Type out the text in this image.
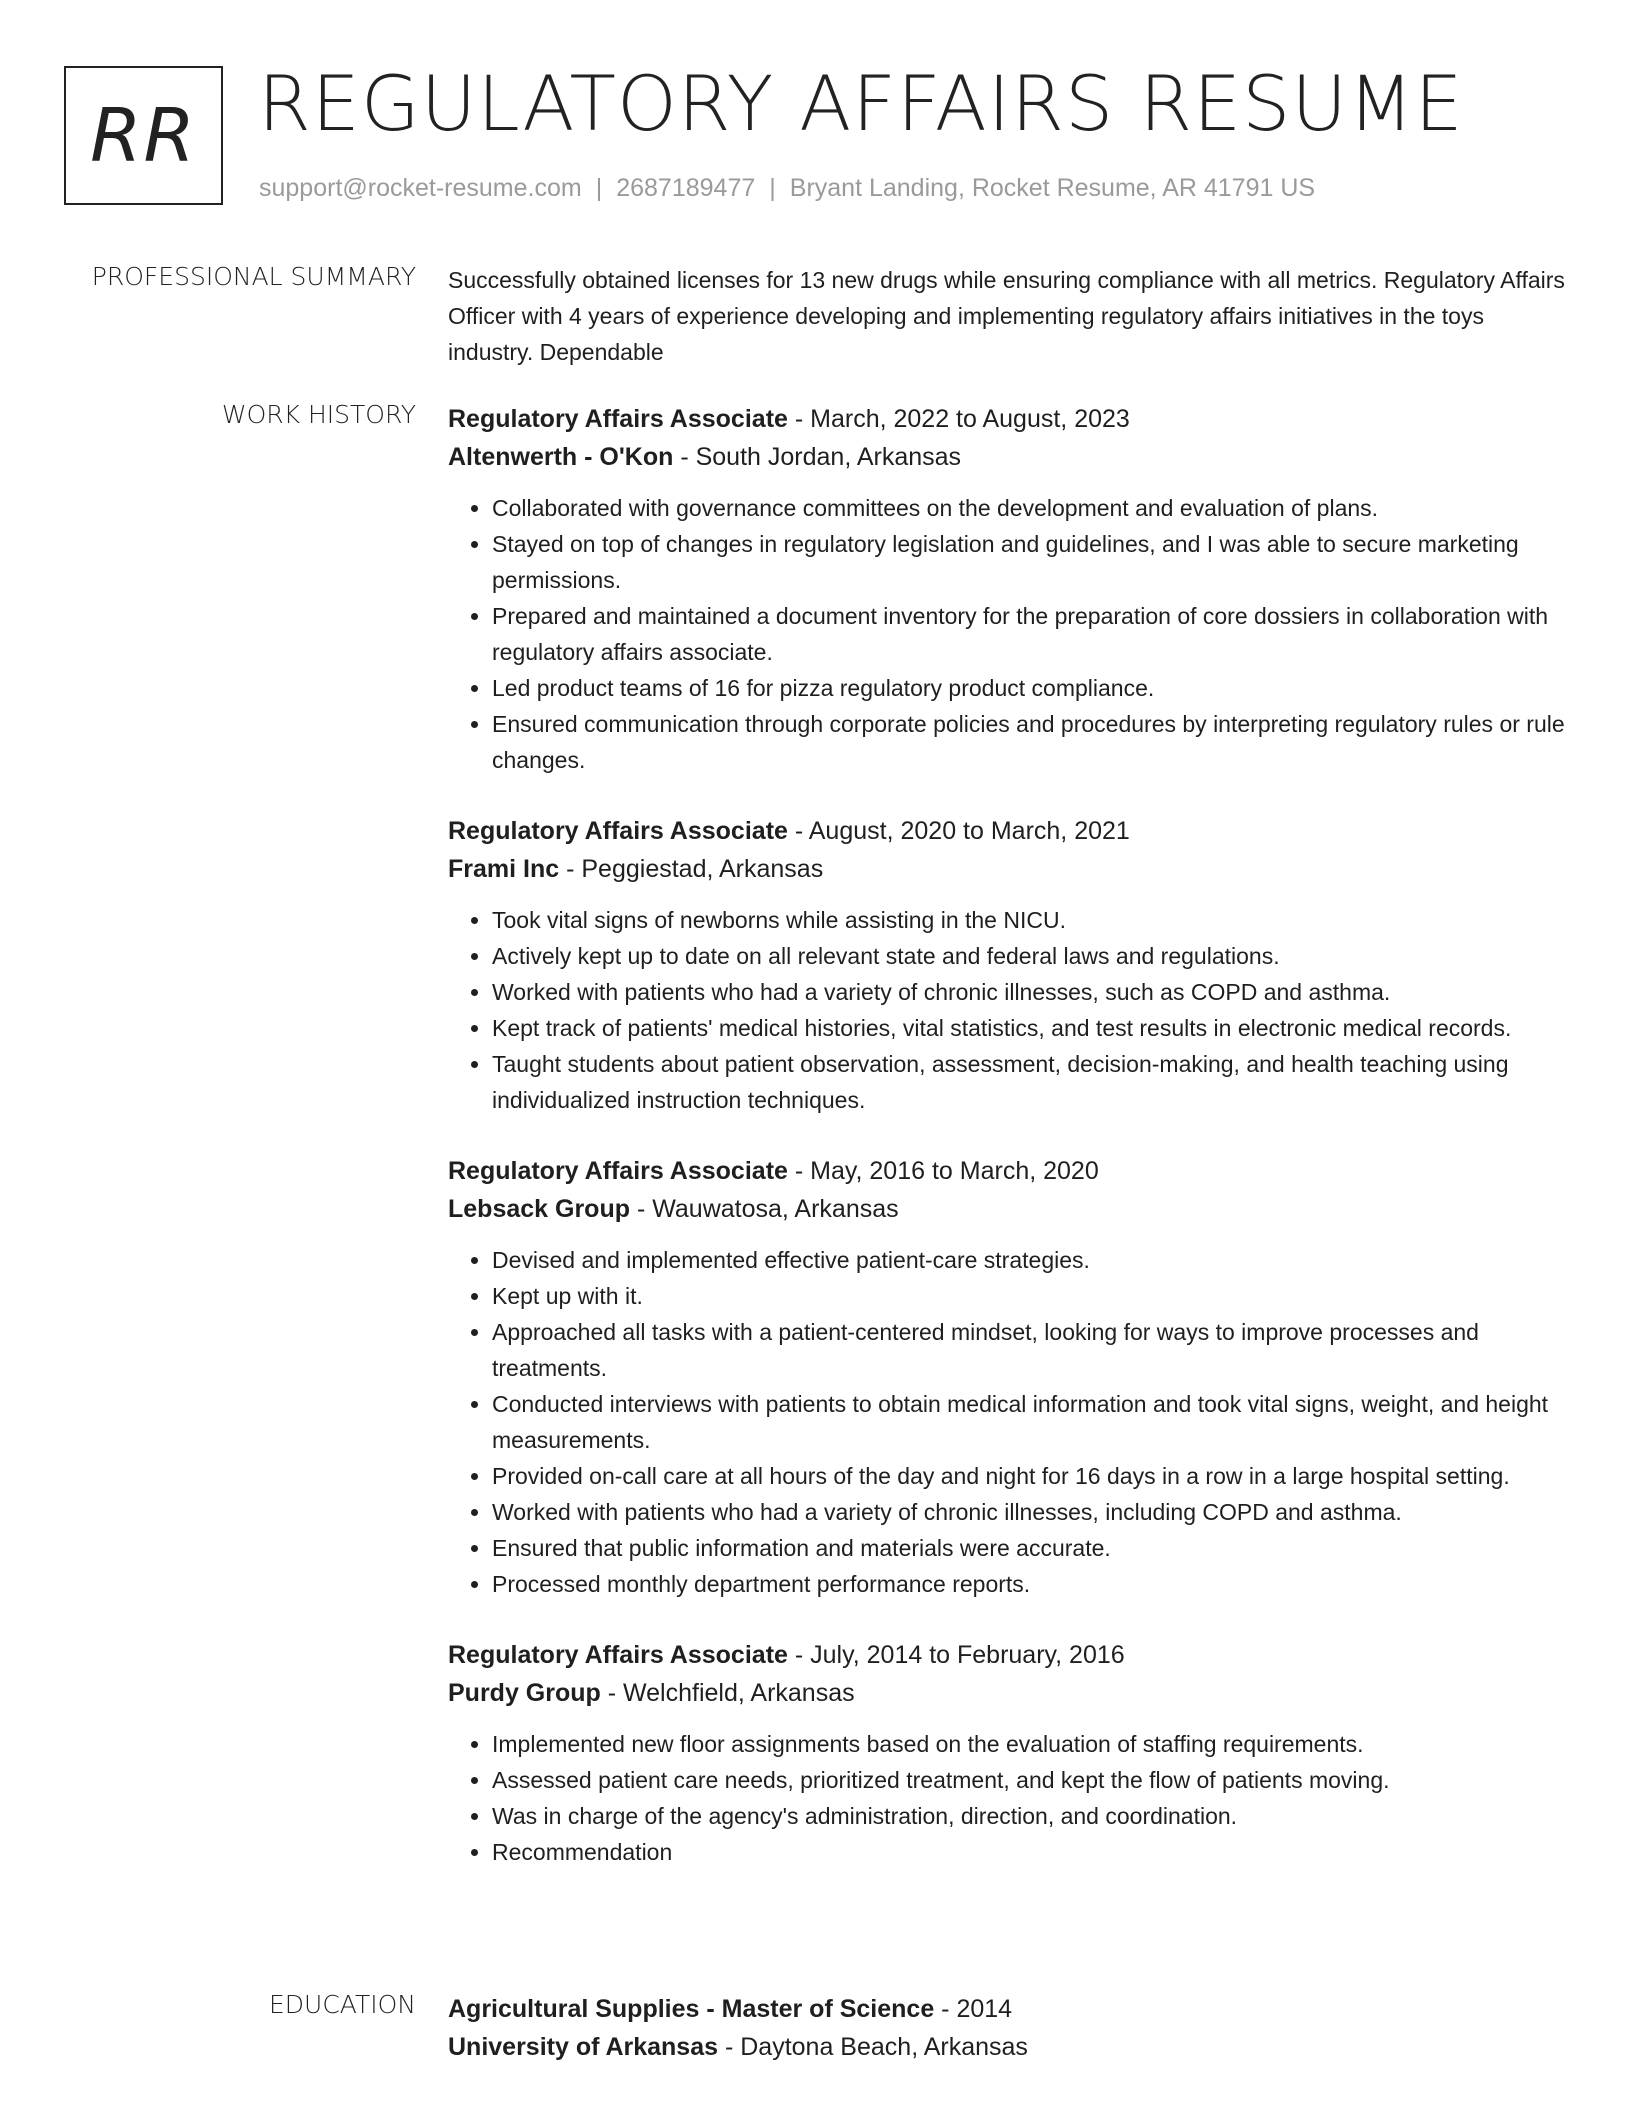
RR REGULATORY AFFAIRS RESUME
support@rocket-resume.com | 2687189477 | Bryant Landing, Rocket Resume, AR 41791 US
PROFESSIONAL SUMMARY Successfully obtained licenses for 13 new drugs while ensuring compliance with all metrics. Regulatory Affairs Officer with 4 years of experience developing and implementing regulatory affairs initiatives in the toys industry. Dependable
WORK HISTORY Regulatory Affairs Associate - March, 2022 to August, 2023
Altenwerth - O'Kon - South Jordan, Arkansas
• Collaborated with governance committees on the development and evaluation of plans.
• Stayed on top of changes in regulatory legislation and guidelines, and I was able to secure marketing permissions.
• Prepared and maintained a document inventory for the preparation of core dossiers in collaboration with regulatory affairs associate.
• Led product teams of 16 for pizza regulatory product compliance.
• Ensured communication through corporate policies and procedures by interpreting regulatory rules or rule changes.
Regulatory Affairs Associate - August, 2020 to March, 2021
Frami Inc - Peggiestad, Arkansas
• Took vital signs of newborns while assisting in the NICU.
• Actively kept up to date on all relevant state and federal laws and regulations.
• Worked with patients who had a variety of chronic illnesses, such as COPD and asthma.
• Kept track of patients' medical histories, vital statistics, and test results in electronic medical records.
• Taught students about patient observation, assessment, decision-making, and health teaching using individualized instruction techniques.
Regulatory Affairs Associate - May, 2016 to March, 2020
Lebsack Group - Wauwatosa, Arkansas
• Devised and implemented effective patient-care strategies.
• Kept up with it.
• Approached all tasks with a patient-centered mindset, looking for ways to improve processes and treatments.
• Conducted interviews with patients to obtain medical information and took vital signs, weight, and height measurements.
• Provided on-call care at all hours of the day and night for 16 days in a row in a large hospital setting.
• Worked with patients who had a variety of chronic illnesses, including COPD and asthma.
• Ensured that public information and materials were accurate.
• Processed monthly department performance reports.
Regulatory Affairs Associate - July, 2014 to February, 2016
Purdy Group - Welchfield, Arkansas
• Implemented new floor assignments based on the evaluation of staffing requirements.
• Assessed patient care needs, prioritized treatment, and kept the flow of patients moving.
• Was in charge of the agency's administration, direction, and coordination.
• Recommendation
EDUCATION Agricultural Supplies - Master of Science - 2014
University of Arkansas - Daytona Beach, Arkansas
